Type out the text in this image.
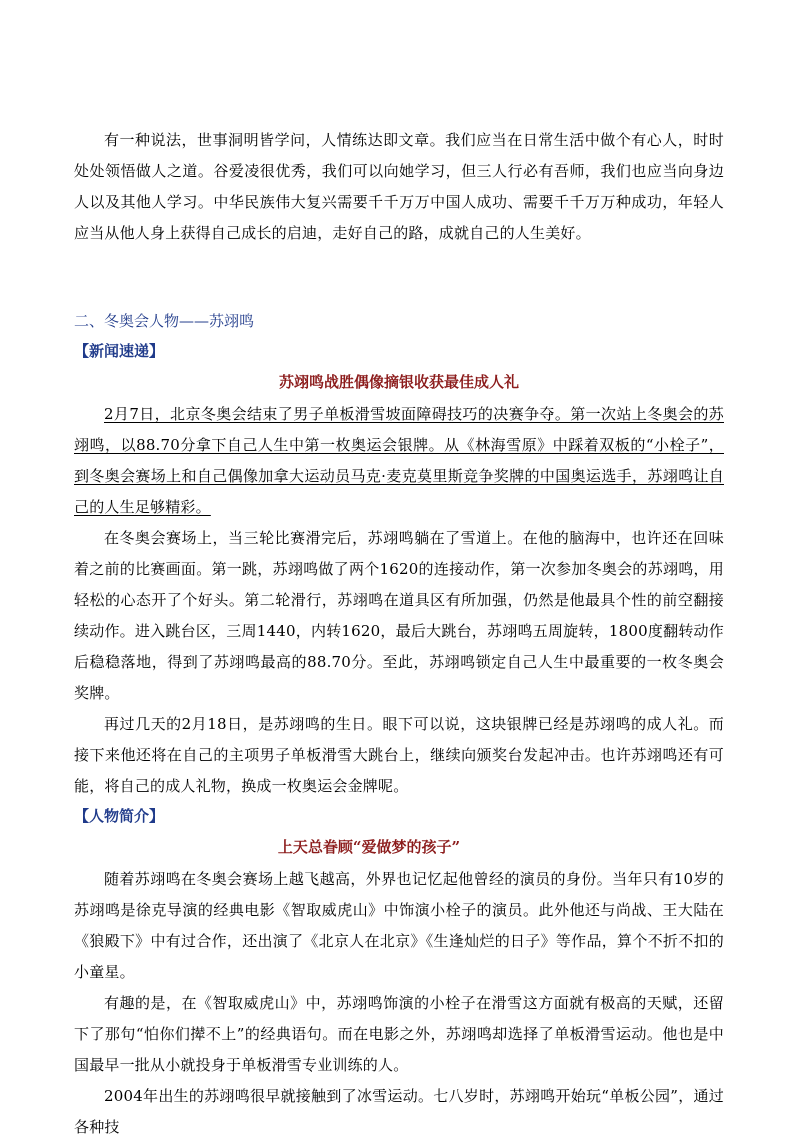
有一种说法，世事洞明皆学问，人情练达即文章。我们应当在日常生活中做个有心人，时时处处领悟做人之道。谷爱凌很优秀，我们可以向她学习，但三人行必有吾师，我们也应当向身边人以及其他人学习。中华民族伟大复兴需要千千万万中国人成功、需要千千万万种成功，年轻人应当从他人身上获得自己成长的启迪，走好自己的路，成就自己的人生美好。

二、冬奥会人物——苏翊鸣
【新闻速递】
苏翊鸣战胜偶像摘银收获最佳成人礼

2月7日，北京冬奥会结束了男子单板滑雪坡面障碍技巧的决赛争夺。第一次站上冬奥会的苏翊鸣，以88.70分拿下自己人生中第一枚奥运会银牌。从《林海雪原》中踩着双板的“小栓子”，到冬奥会赛场上和自己偶像加拿大运动员马克·麦克莫里斯竞争奖牌的中国奥运选手，苏翊鸣让自己的人生足够精彩。

在冬奥会赛场上，当三轮比赛滑完后，苏翊鸣躺在了雪道上。在他的脑海中，也许还在回味着之前的比赛画面。第一跳，苏翊鸣做了两个1620的连接动作，第一次参加冬奥会的苏翊鸣，用轻松的心态开了个好头。第二轮滑行，苏翊鸣在道具区有所加强，仍然是他最具个性的前空翻接续动作。进入跳台区，三周1440，内转1620，最后大跳台，苏翊鸣五周旋转，1800度翻转动作后稳稳落地，得到了苏翊鸣最高的88.70分。至此，苏翊鸣锁定自己人生中最重要的一枚冬奥会奖牌。

再过几天的2月18日，是苏翊鸣的生日。眼下可以说，这块银牌已经是苏翊鸣的成人礼。而接下来他还将在自己的主项男子单板滑雪大跳台上，继续向颁奖台发起冲击。也许苏翊鸣还有可能，将自己的成人礼物，换成一枚奥运会金牌呢。

【人物简介】
上天总眷顾“爱做梦的孩子”

随着苏翊鸣在冬奥会赛场上越飞越高，外界也记忆起他曾经的演员的身份。当年只有10岁的苏翊鸣是徐克导演的经典电影《智取威虎山》中饰演小栓子的演员。此外他还与尚战、王大陆在《狼殿下》中有过合作，还出演了《北京人在北京》《生逢灿烂的日子》等作品，算个不折不扣的小童星。

有趣的是，在《智取威虎山》中，苏翊鸣饰演的小栓子在滑雪这方面就有极高的天赋，还留下了那句“怕你们撵不上”的经典语句。而在电影之外，苏翊鸣却选择了单板滑雪运动。他也是中国最早一批从小就投身于单板滑雪专业训练的人。

2004年出生的苏翊鸣很早就接触到了冰雪运动。七八岁时，苏翊鸣开始玩“单板公园”，通过各种技
